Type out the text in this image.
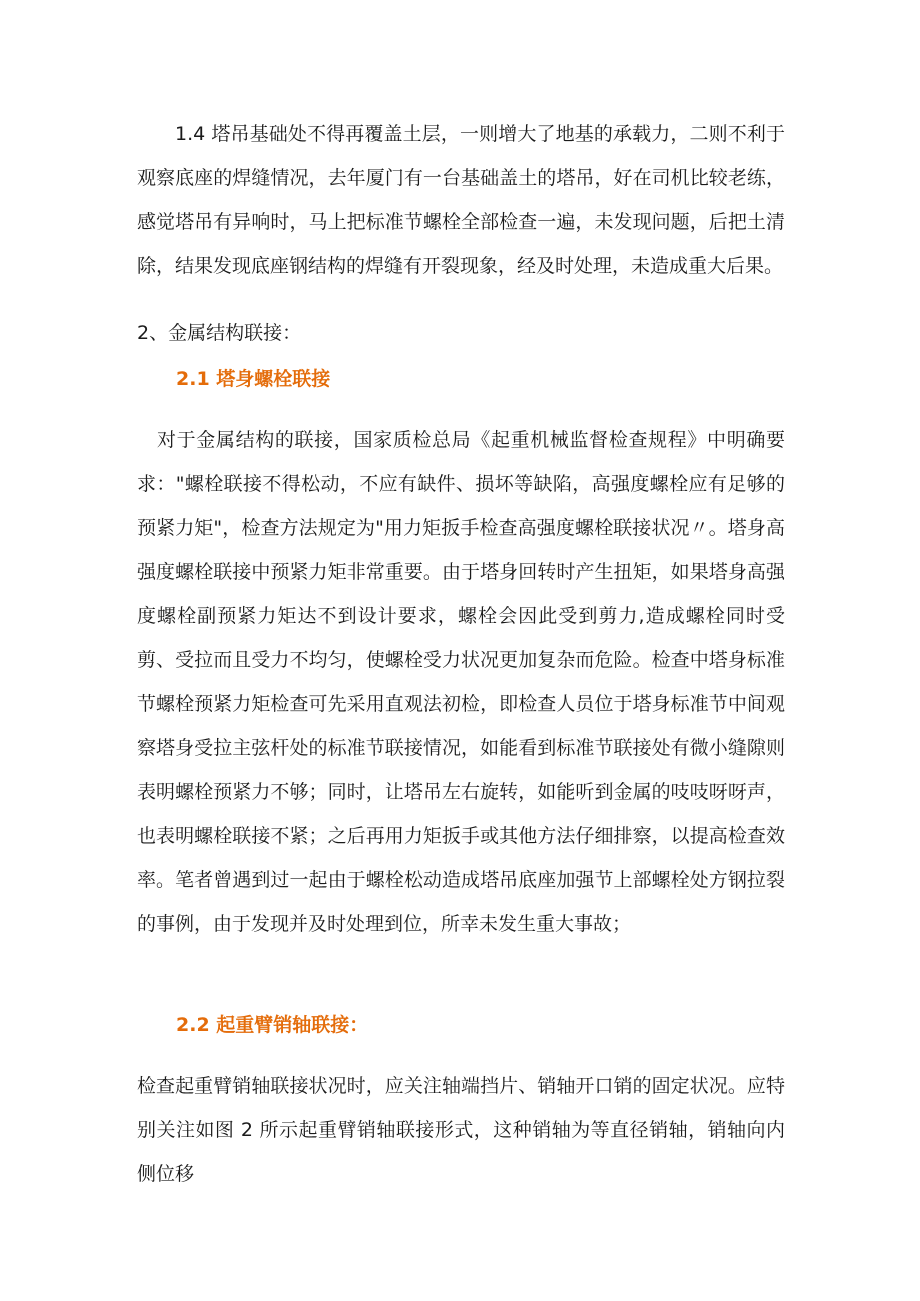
1.4 塔吊基础处不得再覆盖土层，一则增大了地基的承载力，二则不利于观察底座的焊缝情况，去年厦门有一台基础盖土的塔吊，好在司机比较老练，感觉塔吊有异响时，马上把标准节螺栓全部检查一遍，未发现问题，后把土清除，结果发现底座钢结构的焊缝有开裂现象，经及时处理，未造成重大后果。

2、金属结构联接：

2.1 塔身螺栓联接

对于金属结构的联接，国家质检总局《起重机械监督检查规程》中明确要求："螺栓联接不得松动，不应有缺件、损坏等缺陷，高强度螺栓应有足够的预紧力矩"，检查方法规定为"用力矩扳手检查高强度螺栓联接状况〃。塔身高强度螺栓联接中预紧力矩非常重要。由于塔身回转时产生扭矩，如果塔身高强度螺栓副预紧力矩达不到设计要求，螺栓会因此受到剪力,造成螺栓同时受剪、受拉而且受力不均匀，使螺栓受力状况更加复杂而危险。检查中塔身标准节螺栓预紧力矩检查可先采用直观法初检，即检查人员位于塔身标准节中间观察塔身受拉主弦杆处的标准节联接情况，如能看到标准节联接处有微小缝隙则表明螺栓预紧力不够；同时，让塔吊左右旋转，如能听到金属的吱吱呀呀声，也表明螺栓联接不紧；之后再用力矩扳手或其他方法仔细排察，以提高检查效率。笔者曾遇到过一起由于螺栓松动造成塔吊底座加强节上部螺栓处方钢拉裂的事例，由于发现并及时处理到位，所幸未发生重大事故；

2.2 起重臂销轴联接：

检查起重臂销轴联接状况时，应关注轴端挡片、销轴开口销的固定状况。应特别关注如图 2 所示起重臂销轴联接形式，这种销轴为等直径销轴，销轴向内侧位移
